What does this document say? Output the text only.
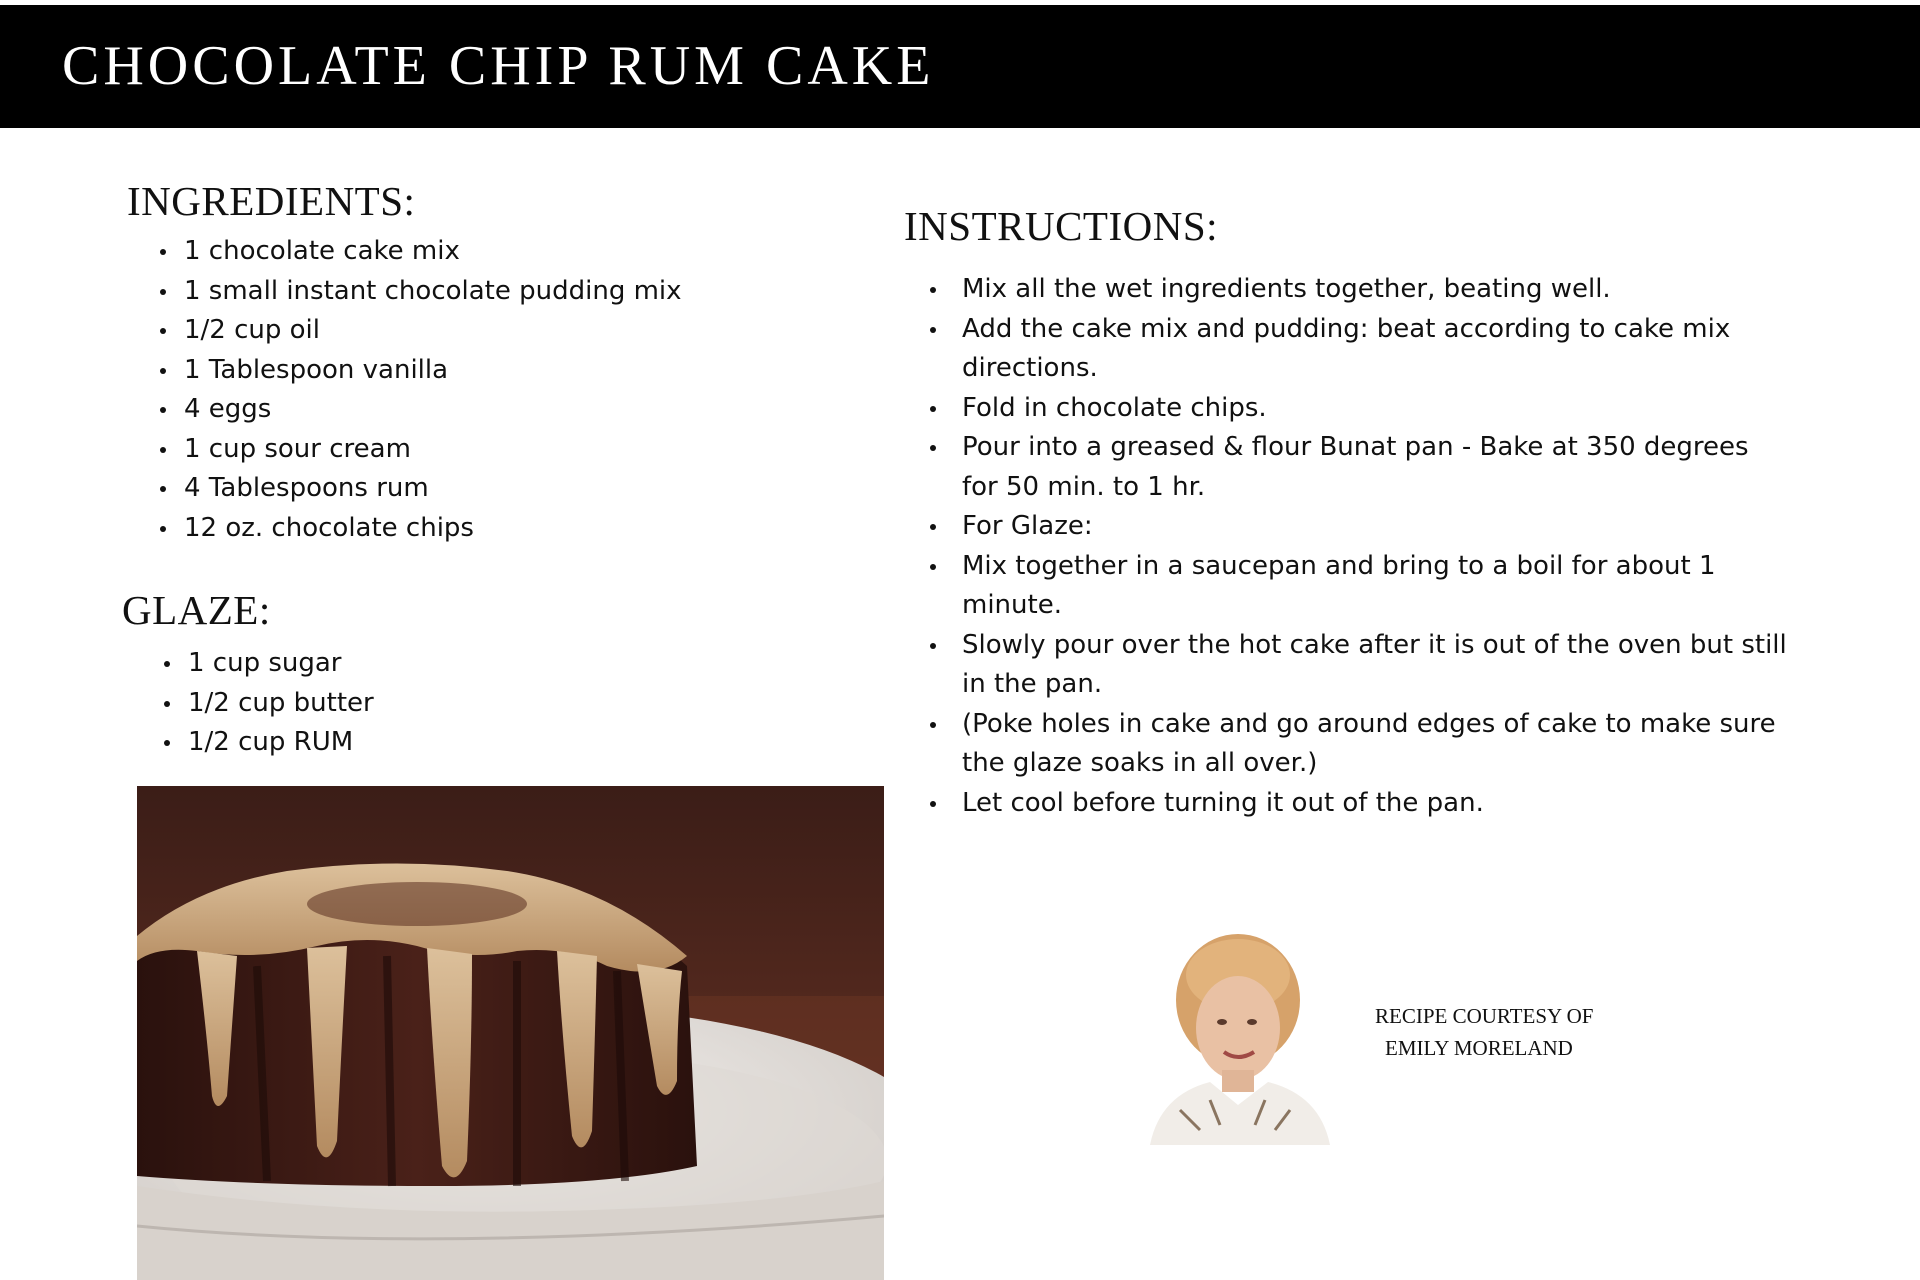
CHOCOLATE CHIP RUM CAKE
INGREDIENTS:
1 chocolate cake mix
1 small instant chocolate pudding mix
1/2 cup oil
1 Tablespoon vanilla
4 eggs
1 cup sour cream
4 Tablespoons rum
12 oz. chocolate chips
GLAZE:
1 cup sugar
1/2 cup butter
1/2 cup RUM
INSTRUCTIONS:
Mix all the wet ingredients together, beating well.
Add the cake mix and pudding: beat according to cake mix directions.
Fold in chocolate chips.
Pour into a greased & flour Bunat pan - Bake at 350 degrees for 50 min. to 1 hr.
For Glaze:
Mix together in a saucepan and bring to a boil for about 1 minute.
Slowly pour over the hot cake after it is out of the oven but still in the pan.
(Poke holes in cake and go around edges of cake to make sure the glaze soaks in all over.)
Let cool before turning it out of the pan.
RECIPE COURTESY OF
EMILY MORELAND
